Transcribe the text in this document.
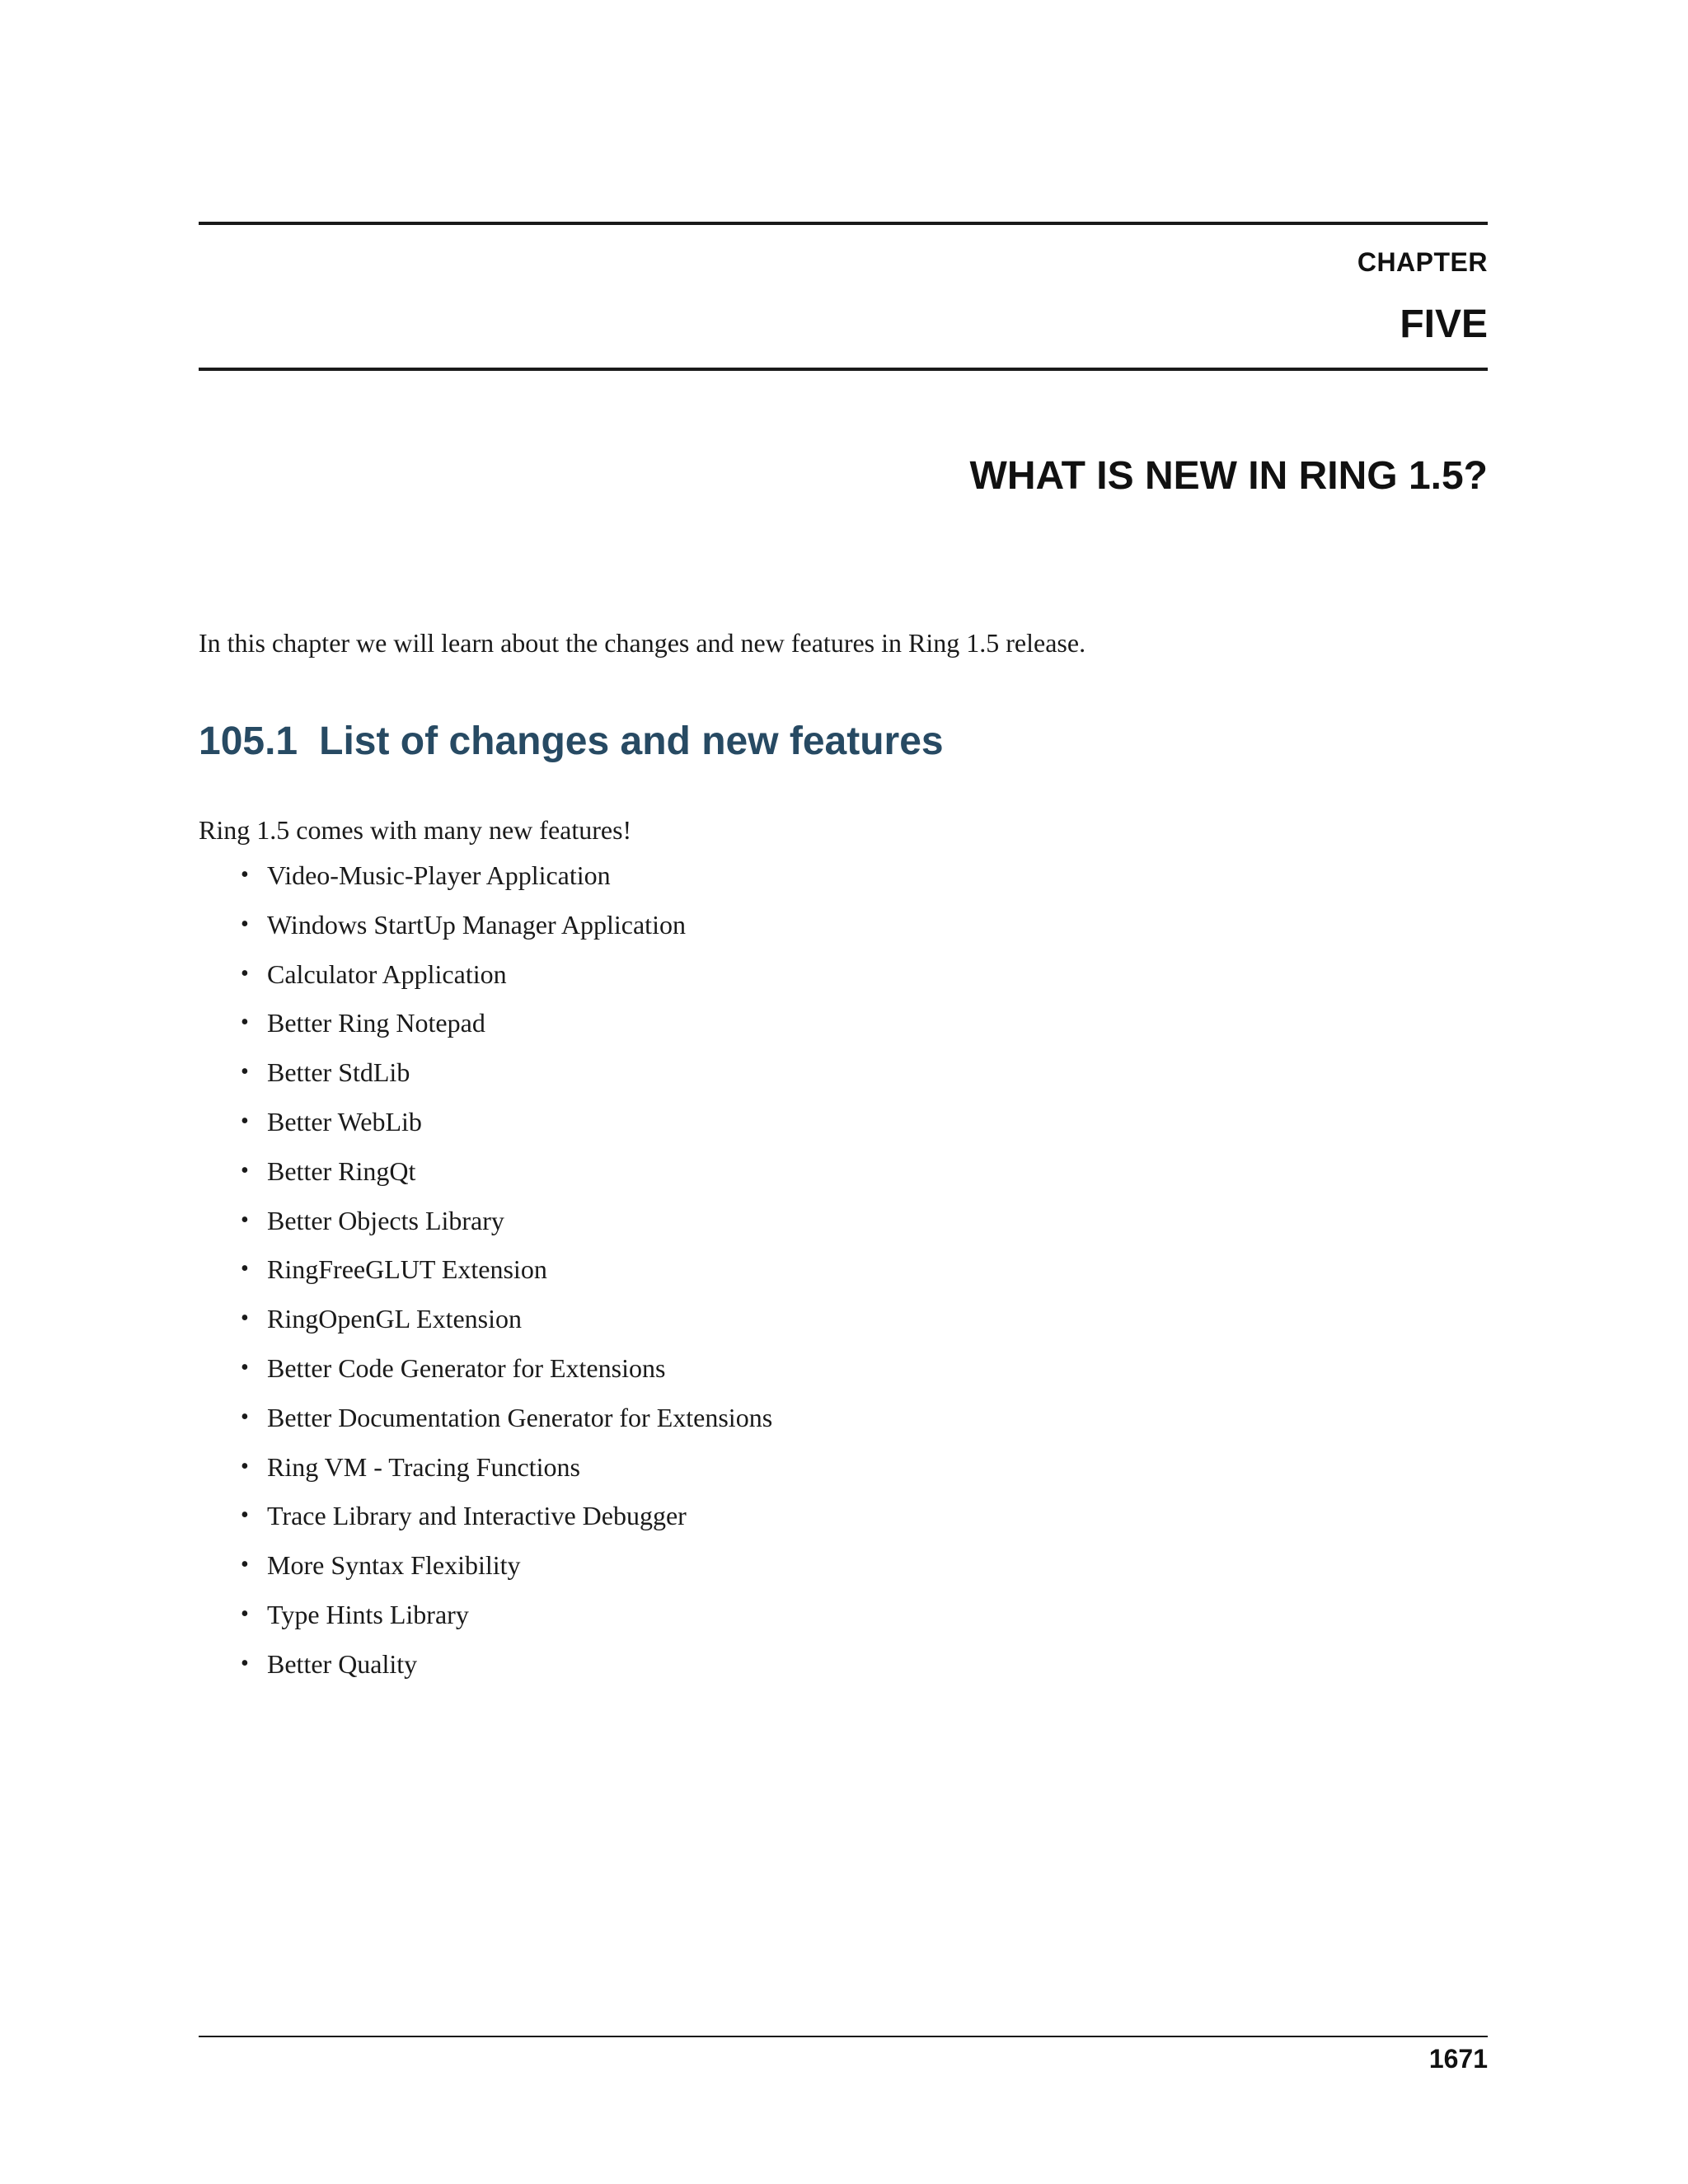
CHAPTER
FIVE
WHAT IS NEW IN RING 1.5?
In this chapter we will learn about the changes and new features in Ring 1.5 release.
105.1 List of changes and new features
Ring 1.5 comes with many new features!
• Video-Music-Player Application
• Windows StartUp Manager Application
• Calculator Application
• Better Ring Notepad
• Better StdLib
• Better WebLib
• Better RingQt
• Better Objects Library
• RingFreeGLUT Extension
• RingOpenGL Extension
• Better Code Generator for Extensions
• Better Documentation Generator for Extensions
• Ring VM - Tracing Functions
• Trace Library and Interactive Debugger
• More Syntax Flexibility
• Type Hints Library
• Better Quality
1671
